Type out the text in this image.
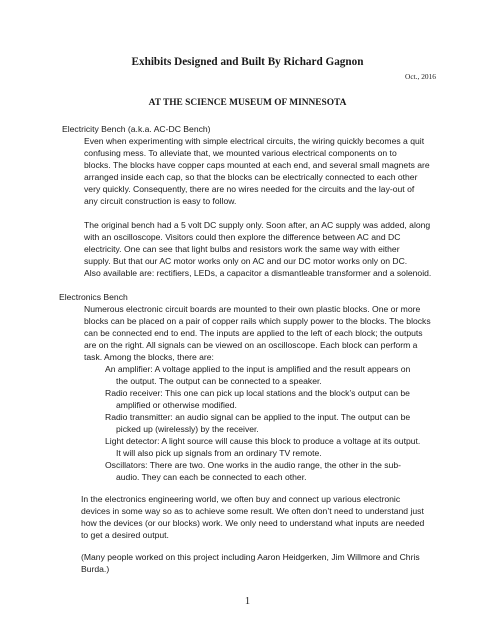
Exhibits Designed and Built By Richard Gagnon
Oct., 2016
AT THE SCIENCE MUSEUM OF MINNESOTA
Electricity Bench (a.k.a. AC-DC Bench)
Even when experimenting with simple electrical circuits, the wiring quickly becomes a quit
confusing mess. To alleviate that, we mounted various electrical components on to
blocks. The blocks have copper caps mounted at each end, and several small magnets are
arranged inside each cap, so that the blocks can be electrically connected to each other
very quickly. Consequently, there are no wires needed for the circuits and the lay-out of
any circuit construction is easy to follow.
The original bench had a 5 volt DC supply only. Soon after, an AC supply was added, along
with an oscilloscope. Visitors could then explore the difference between AC and DC
electricity. One can see that light bulbs and resistors work the same way with either
supply. But that our AC motor works only on AC and our DC motor works only on DC.
Also available are: rectifiers, LEDs, a capacitor a dismantleable transformer and a solenoid.
Electronics Bench
Numerous electronic circuit boards are mounted to their own plastic blocks. One or more
blocks can be placed on a pair of copper rails which supply power to the blocks. The blocks
can be connected end to end. The inputs are applied to the left of each block; the outputs
are on the right. All signals can be viewed on an oscilloscope. Each block can perform a
task. Among the blocks, there are:
An amplifier: A voltage applied to the input is amplified and the result appears on
the output. The output can be connected to a speaker.
Radio receiver: This one can pick up local stations and the block’s output can be
amplified or otherwise modified.
Radio transmitter: an audio signal can be applied to the input. The output can be
picked up (wirelessly) by the receiver.
Light detector: A light source will cause this block to produce a voltage at its output.
It will also pick up signals from an ordinary TV remote.
Oscillators: There are two. One works in the audio range, the other in the sub-
audio. They can each be connected to each other.
In the electronics engineering world, we often buy and connect up various electronic
devices in some way so as to achieve some result. We often don’t need to understand just
how the devices (or our blocks) work. We only need to understand what inputs are needed
to get a desired output.
(Many people worked on this project including Aaron Heidgerken, Jim Willmore and Chris
Burda.)
1
